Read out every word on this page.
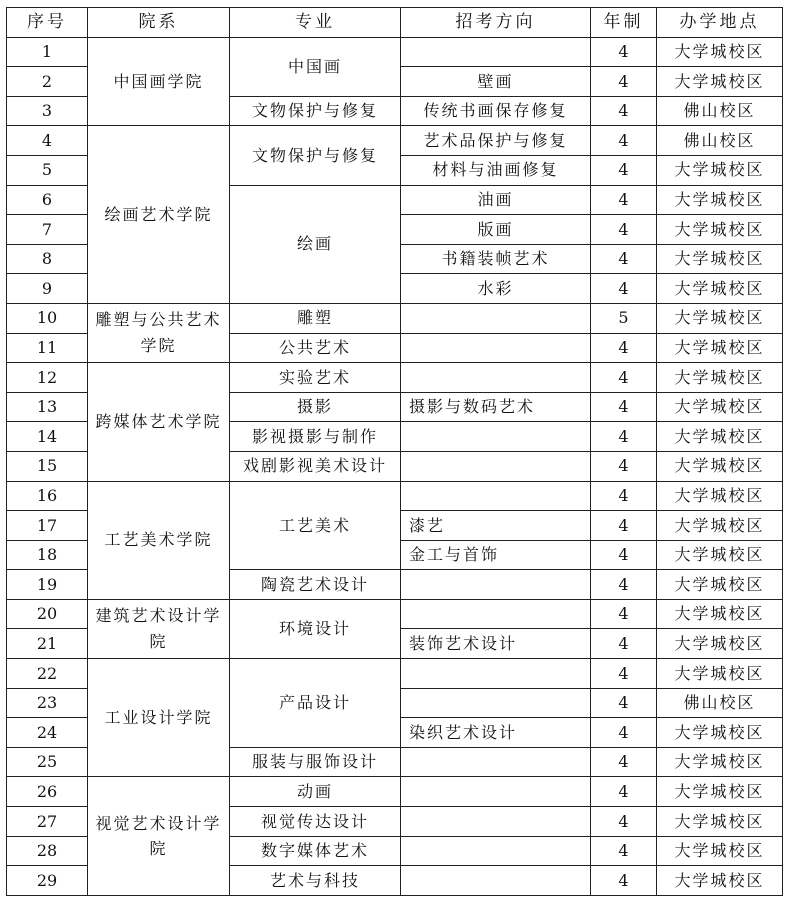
序号	院系	专业	招考方向	年制	办学地点
1	中国画学院	中国画		4	大学城校区
2			壁画	4	大学城校区
3		文物保护与修复	传统书画保存修复	4	佛山校区
4	绘画艺术学院	文物保护与修复	艺术品保护与修复	4	佛山校区
5			材料与油画修复	4	大学城校区
6		绘画	油画	4	大学城校区
7			版画	4	大学城校区
8			书籍装帧艺术	4	大学城校区
9			水彩	4	大学城校区
10	雕塑与公共艺术学院	雕塑		5	大学城校区
11		公共艺术		4	大学城校区
12	跨媒体艺术学院	实验艺术		4	大学城校区
13		摄影	摄影与数码艺术	4	大学城校区
14		影视摄影与制作		4	大学城校区
15		戏剧影视美术设计		4	大学城校区
16	工艺美术学院	工艺美术		4	大学城校区
17			漆艺	4	大学城校区
18			金工与首饰	4	大学城校区
19		陶瓷艺术设计		4	大学城校区
20	建筑艺术设计学院	环境设计		4	大学城校区
21			装饰艺术设计	4	大学城校区
22	工业设计学院	产品设计		4	大学城校区
23				4	佛山校区
24			染织艺术设计	4	大学城校区
25		服装与服饰设计		4	大学城校区
26	视觉艺术设计学院	动画		4	大学城校区
27		视觉传达设计		4	大学城校区
28		数字媒体艺术		4	大学城校区
29		艺术与科技		4	大学城校区
